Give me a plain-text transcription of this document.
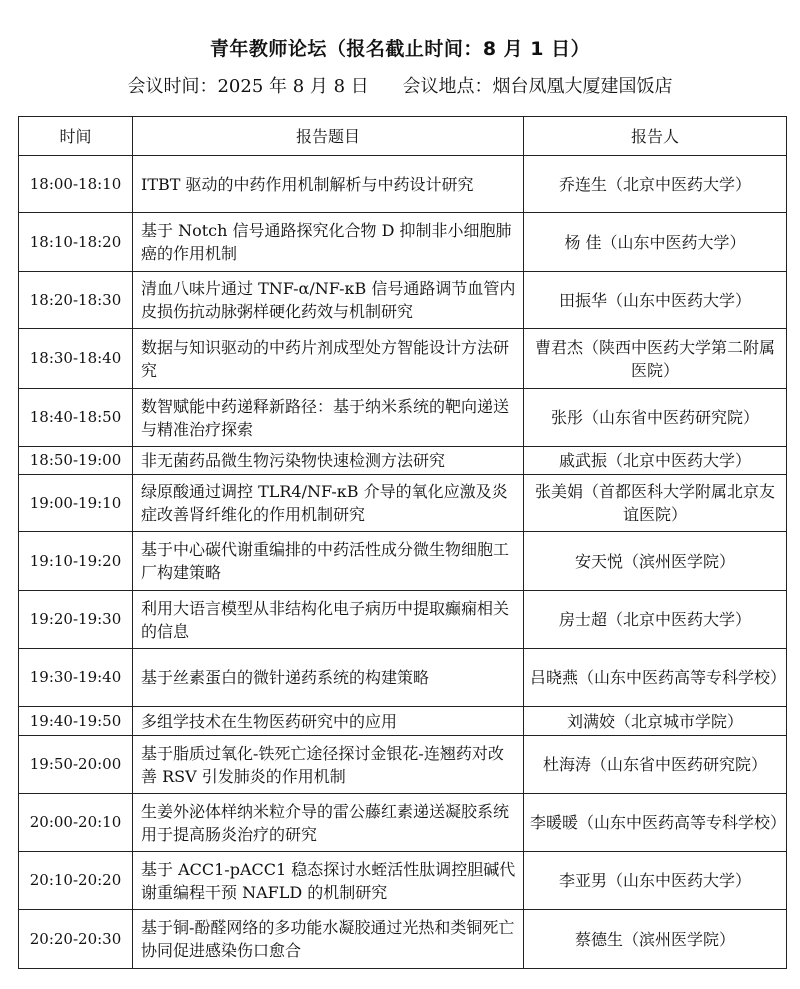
青年教师论坛（报名截止时间：8 月 1 日）
会议时间：2025 年 8 月 8 日 会议地点：烟台凤凰大厦建国饭店
时间	报告题目	报告人
18:00-18:10	ITBT 驱动的中药作用机制解析与中药设计研究	乔连生（北京中医药大学）
18:10-18:20	基于 Notch 信号通路探究化合物 D 抑制非小细胞肺癌的作用机制	杨 佳（山东中医药大学）
18:20-18:30	清血八味片通过 TNF-α/NF-κB 信号通路调节血管内皮损伤抗动脉粥样硬化药效与机制研究	田振华（山东中医药大学）
18:30-18:40	数据与知识驱动的中药片剂成型处方智能设计方法研究	曹君杰（陕西中医药大学第二附属医院）
18:40-18:50	数智赋能中药递释新路径：基于纳米系统的靶向递送与精准治疗探索	张彤（山东省中医药研究院）
18:50-19:00	非无菌药品微生物污染物快速检测方法研究	戚武振（北京中医药大学）
19:00-19:10	绿原酸通过调控 TLR4/NF-κB 介导的氧化应激及炎症改善肾纤维化的作用机制研究	张美娟（首都医科大学附属北京友谊医院）
19:10-19:20	基于中心碳代谢重编排的中药活性成分微生物细胞工厂构建策略	安天悦（滨州医学院）
19:20-19:30	利用大语言模型从非结构化电子病历中提取癫痫相关的信息	房士超（北京中医药大学）
19:30-19:40	基于丝素蛋白的微针递药系统的构建策略	吕晓燕（山东中医药高等专科学校）
19:40-19:50	多组学技术在生物医药研究中的应用	刘满姣（北京城市学院）
19:50-20:00	基于脂质过氧化-铁死亡途径探讨金银花-连翘药对改善 RSV 引发肺炎的作用机制	杜海涛（山东省中医药研究院）
20:00-20:10	生姜外泌体样纳米粒介导的雷公藤红素递送凝胶系统用于提高肠炎治疗的研究	李暖暖（山东中医药高等专科学校）
20:10-20:20	基于 ACC1-pACC1 稳态探讨水蛭活性肽调控胆碱代谢重编程干预 NAFLD 的机制研究	李亚男（山东中医药大学）
20:20-20:30	基于铜-酚醛网络的多功能水凝胶通过光热和类铜死亡协同促进感染伤口愈合	蔡德生（滨州医学院）
